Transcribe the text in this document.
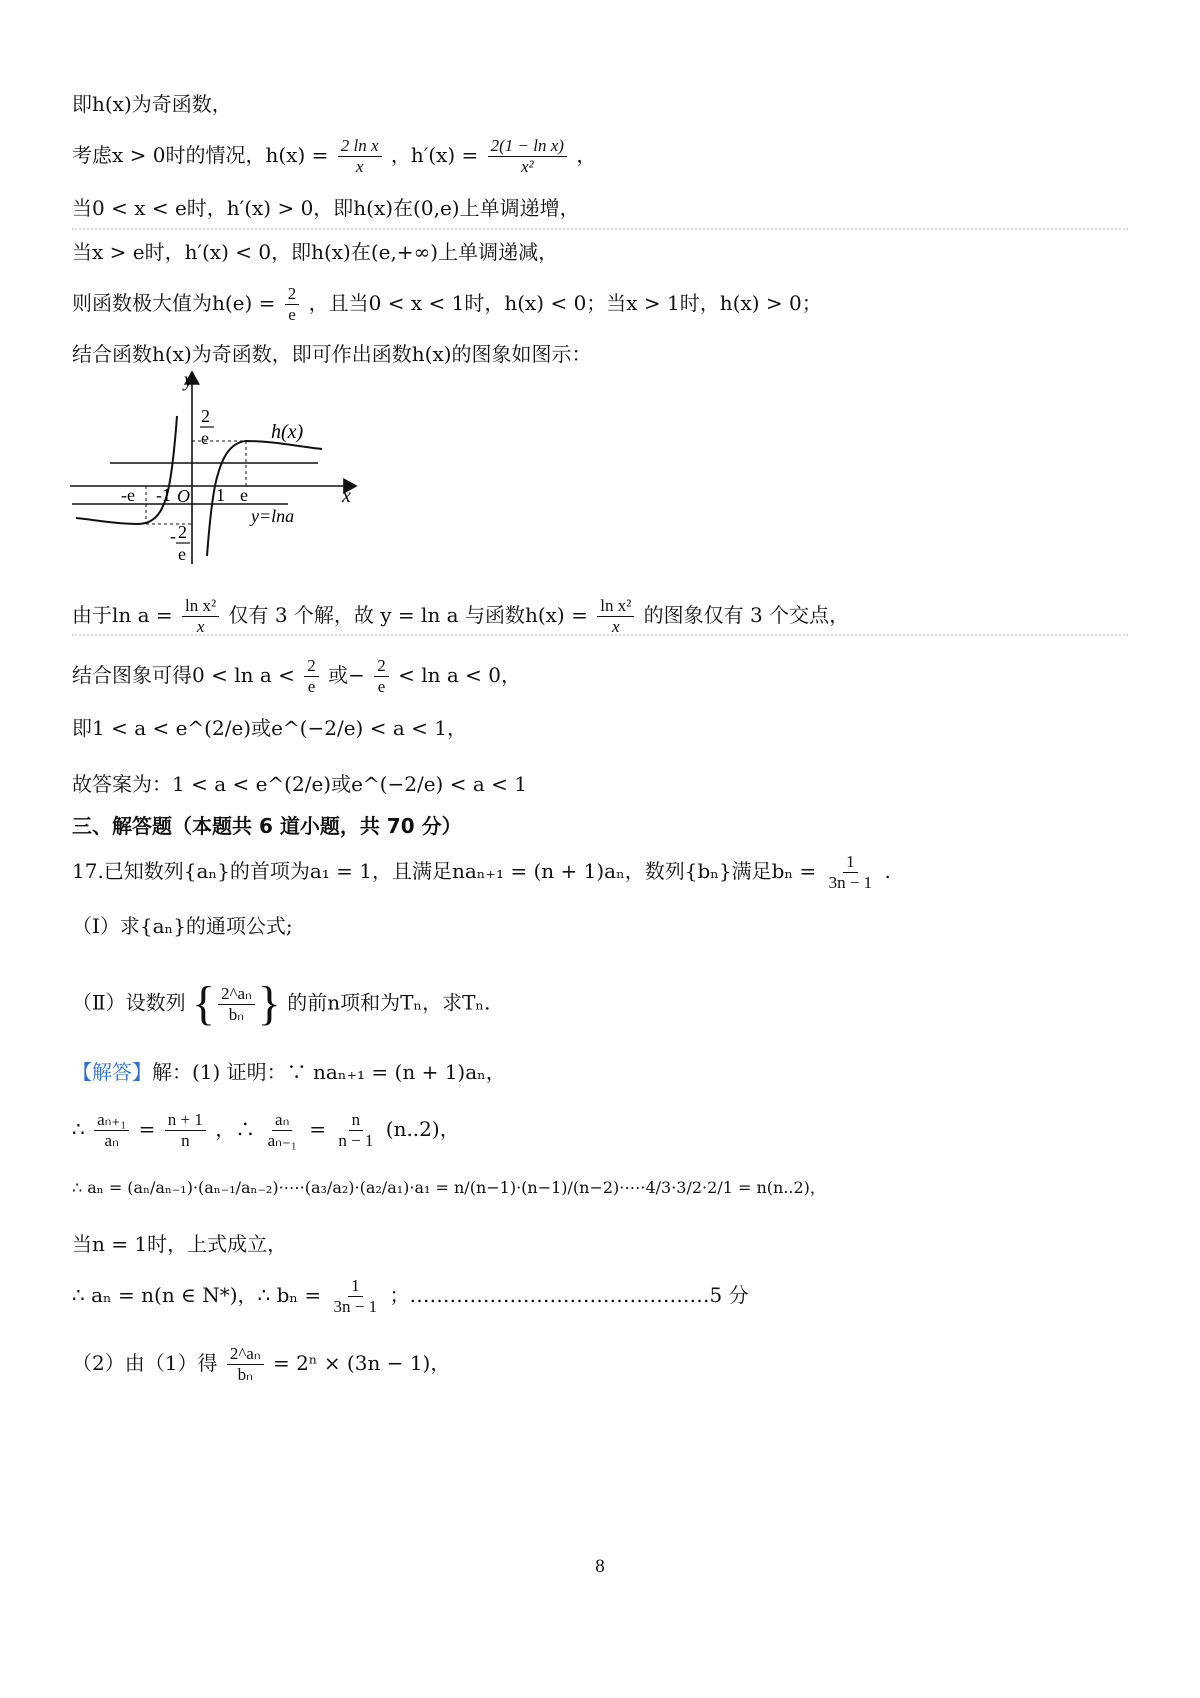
即h(x)为奇函数，
考虑x > 0时的情况，$h(x) = \frac{\text{2 ln x}}{x}$ ，$h'(x) = \frac{\text{2(1 − ln x)}}{\text{x²}}$ ，
当0 < x < e时，h′(x) > 0，即h(x)在(0,e)上单调递增，
当x > e时，h′(x) < 0，即h(x)在(e,+∞)上单调递减，
则函数极大值为$h(e) = \frac{2}{e}$ ，且当0 < x < 1时，h(x) < 0；当x > 1时，h(x) > 0；
结合函数h(x)为奇函数，即可作出函数h(x)的图象如图示：
y
x
O
2
e	h(x)
-e -1	1 e
y=lna
- 2
e
由于$\ln a = \frac{\text{ln x²}}{x}$ 仅有 3 个解，故 y = ln a 与函数$h(x) = \frac{\text{ln x²}}{x}$ 的图象仅有 3 个交点，
结合图象可得$0 < \ln a < \frac{2}{e}$ 或− $\frac{2}{e} < \ln a < 0$，
即1 < a < e^(2/e)或e^(−2/e) < a < 1，
故答案为：1 < a < e^(2/e)或e^(−2/e) < a < 1
三、解答题（本题共 6 道小题，共 70 分）
17.已知数列{aₙ}的首项为a₁ = 1，且满足naₙ₊₁ = (n + 1)aₙ，数列{bₙ}满足$b_n = \frac{1}{3n - 1}$ .
（Ⅰ）求{aₙ}的通项公式;
（Ⅱ）设数列 { $\frac{\text{2\textasciicircum{}aₙ}}{\text{bₙ}}$ } 的前n项和为Tₙ，求Tₙ.
【解答】解：(1) 证明：∵ naₙ₊₁ = (n + 1)aₙ，
∴ $\frac{\text{aₙ₊₁}}{\text{aₙ}} = \frac{n + 1}{n}$ ，∴ $\frac{\text{aₙ}}{\text{aₙ₋₁}} = \frac{n}{n - 1} (n..2)$，
∴ aₙ = (aₙ/aₙ₋₁)·(aₙ₋₁/aₙ₋₂)·⋯·(a₃/a₂)·(a₂/a₁)·a₁ = n/(n−1)·(n−1)/(n−2)·⋯·4/3·3/2·2/1 = n(n..2)，
当n = 1时，上式成立，
∴ aₙ = n(n ∈ N*)，∴ $b_n = \frac{1}{3n - 1}$ ；………………………………………5 分
（2）由（1）得 $\frac{\text{2\textasciicircum{}aₙ}}{\text{bₙ}} = 2^n \times (3n - 1)$，
8
